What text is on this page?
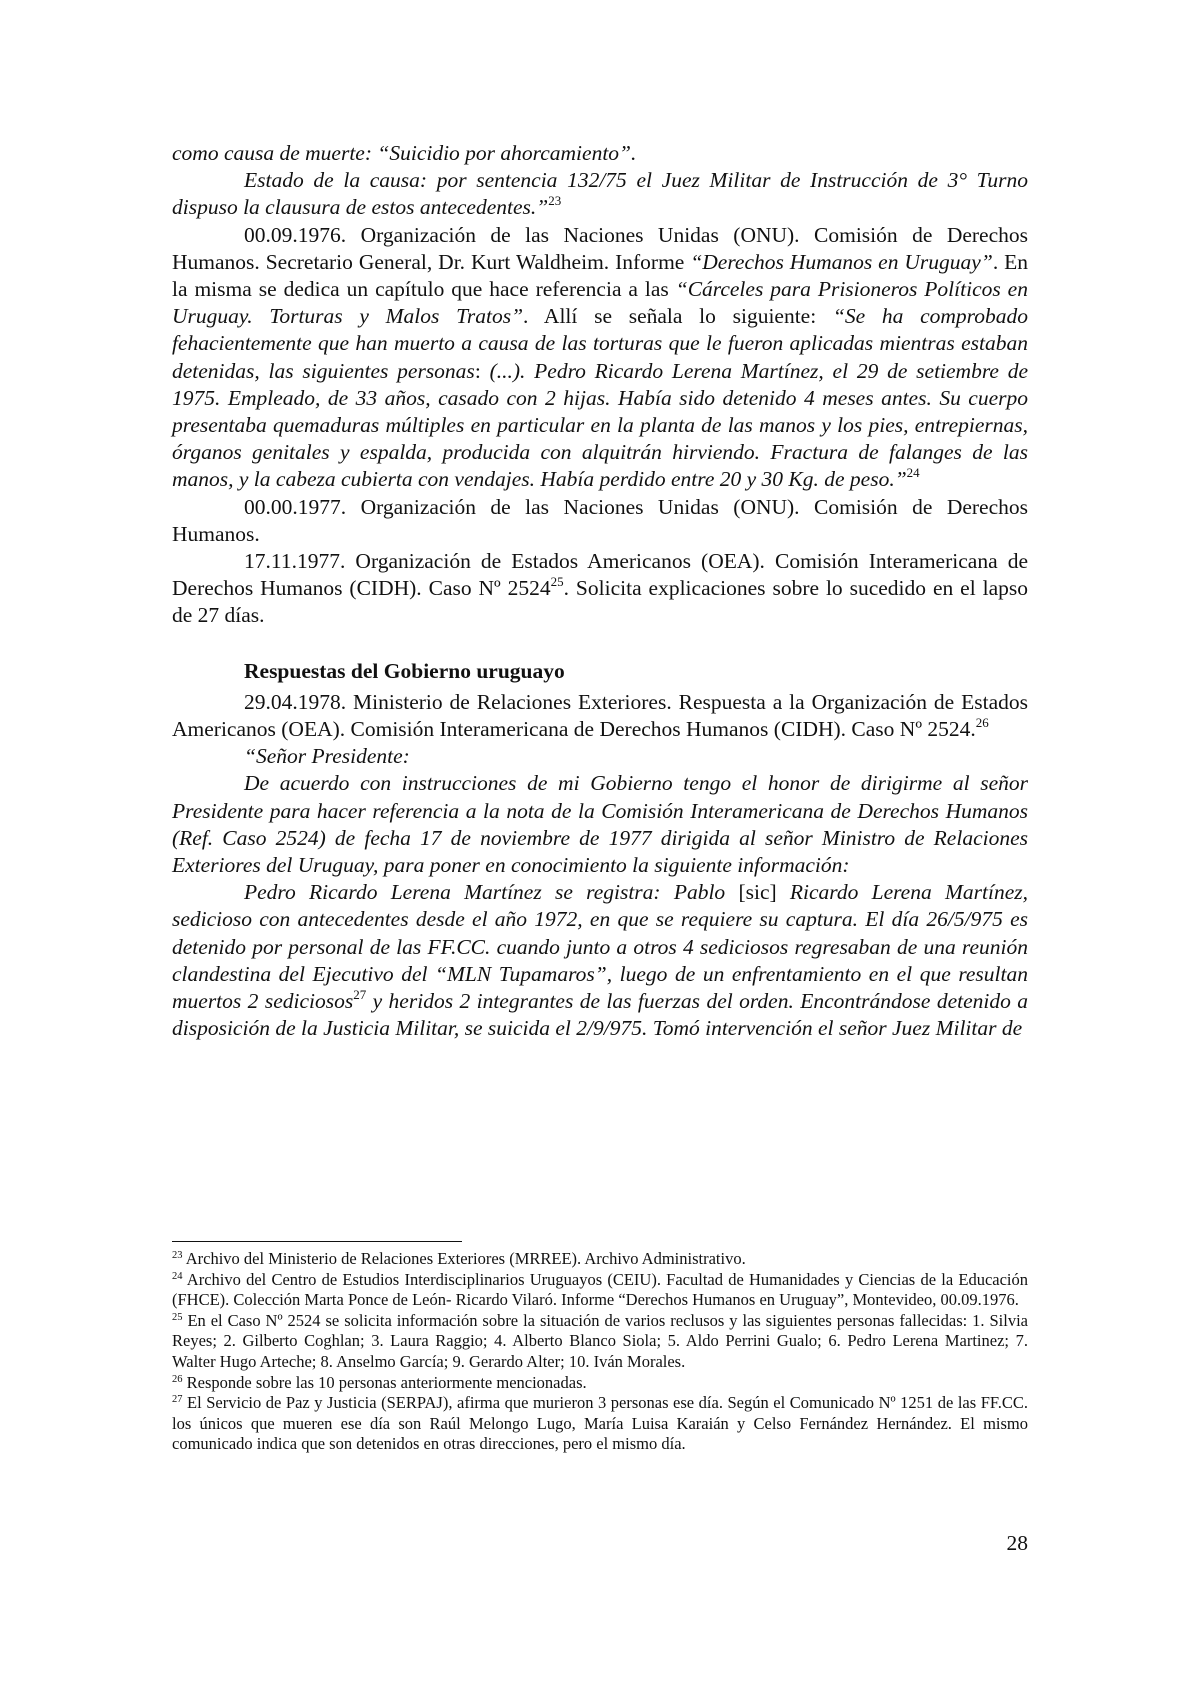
como causa de muerte: “Suicidio por ahorcamiento”.

Estado de la causa: por sentencia 132/75 el Juez Militar de Instrucción de 3° Turno dispuso la clausura de estos antecedentes.”$^{23}$

00.09.1976. Organización de las Naciones Unidas (ONU). Comisión de Derechos Humanos. Secretario General, Dr. Kurt Waldheim. Informe “Derechos Humanos en Uruguay”. En la misma se dedica un capítulo que hace referencia a las “Cárceles para Prisioneros Políticos en Uruguay. Torturas y Malos Tratos”. Allí se señala lo siguiente: “Se ha comprobado fehacientemente que han muerto a causa de las torturas que le fueron aplicadas mientras estaban detenidas, las siguientes personas: (...). Pedro Ricardo Lerena Martínez, el 29 de setiembre de 1975. Empleado, de 33 años, casado con 2 hijas. Había sido detenido 4 meses antes. Su cuerpo presentaba quemaduras múltiples en particular en la planta de las manos y los pies, entrepiernas, órganos genitales y espalda, producida con alquitrán hirviendo. Fractura de falanges de las manos, y la cabeza cubierta con vendajes. Había perdido entre 20 y 30 Kg. de peso.”$^{24}$

00.00.1977. Organización de las Naciones Unidas (ONU). Comisión de Derechos Humanos.

17.11.1977. Organización de Estados Americanos (OEA). Comisión Interamericana de Derechos Humanos (CIDH). Caso Nº 2524$^{25}$. Solicita explicaciones sobre lo sucedido en el lapso de 27 días.

Respuestas del Gobierno uruguayo

29.04.1978. Ministerio de Relaciones Exteriores. Respuesta a la Organización de Estados Americanos (OEA). Comisión Interamericana de Derechos Humanos (CIDH). Caso Nº 2524.26

“Señor Presidente:

De acuerdo con instrucciones de mi Gobierno tengo el honor de dirigirme al señor Presidente para hacer referencia a la nota de la Comisión Interamericana de Derechos Humanos (Ref. Caso 2524) de fecha 17 de noviembre de 1977 dirigida al señor Ministro de Relaciones Exteriores del Uruguay, para poner en conocimiento la siguiente información:

Pedro Ricardo Lerena Martínez se registra: Pablo [sic] Ricardo Lerena Martínez, sedicioso con antecedentes desde el año 1972, en que se requiere su captura. El día 26/5/975 es detenido por personal de las FF.CC. cuando junto a otros 4 sediciosos regresaban de una reunión clandestina del Ejecutivo del “MLN Tupamaros”, luego de un enfrentamiento en el que resultan muertos 2 sediciosos$^{27}$ y heridos 2 integrantes de las fuerzas del orden. Encontrándose detenido a disposición de la Justicia Militar, se suicida el 2/9/975. Tomó intervención el señor Juez Militar de

$^{23}$ Archivo del Ministerio de Relaciones Exteriores (MRREE). Archivo Administrativo.

$^{24}$ Archivo del Centro de Estudios Interdisciplinarios Uruguayos (CEIU). Facultad de Humanidades y Ciencias de la Educación (FHCE). Colección Marta Ponce de León- Ricardo Vilaró. Informe “Derechos Humanos en Uruguay”, Montevideo, 00.09.1976.

$^{25}$ En el Caso Nº 2524 se solicita información sobre la situación de varios reclusos y las siguientes personas fallecidas: 1. Silvia Reyes; 2. Gilberto Coghlan; 3. Laura Raggio; 4. Alberto Blanco Siola; 5. Aldo Perrini Gualo; 6. Pedro Lerena Martinez; 7. Walter Hugo Arteche; 8. Anselmo García; 9. Gerardo Alter; 10. Iván Morales.

$^{26}$ Responde sobre las 10 personas anteriormente mencionadas.

$^{27}$ El Servicio de Paz y Justicia (SERPAJ), afirma que murieron 3 personas ese día. Según el Comunicado Nº 1251 de las FF.CC. los únicos que mueren ese día son Raúl Melongo Lugo, María Luisa Karaián y Celso Fernández Hernández. El mismo comunicado indica que son detenidos en otras direcciones, pero el mismo día.

28
